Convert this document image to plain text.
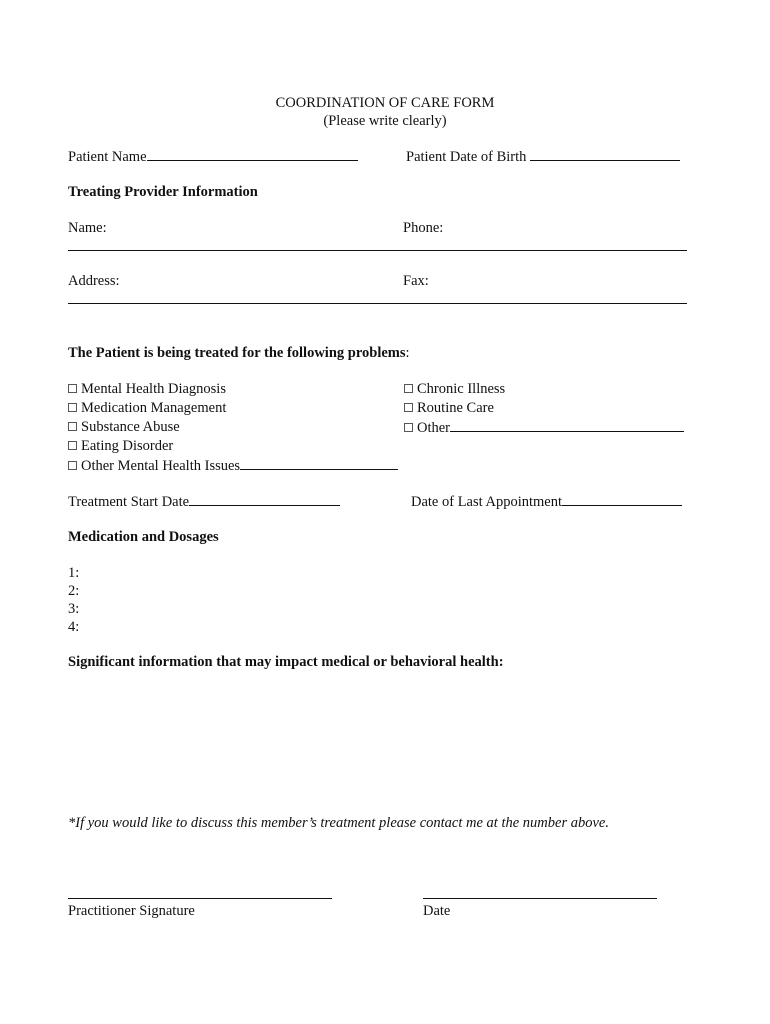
COORDINATION OF CARE FORM
(Please write clearly)
Patient Name	Patient Date of Birth
Treating Provider Information
Name:	Phone:
Address:	Fax:
The Patient is being treated for the following problems:
Mental Health Diagnosis
Medication Management
Substance Abuse
Eating Disorder
Other Mental Health Issues
Chronic Illness
Routine Care
Other
Treatment Start Date	Date of Last Appointment
Medication and Dosages
1:
2:
3:
4:
Significant information that may impact medical or behavioral health:
*If you would like to discuss this member’s treatment please contact me at the number above.
Practitioner Signature	Date
